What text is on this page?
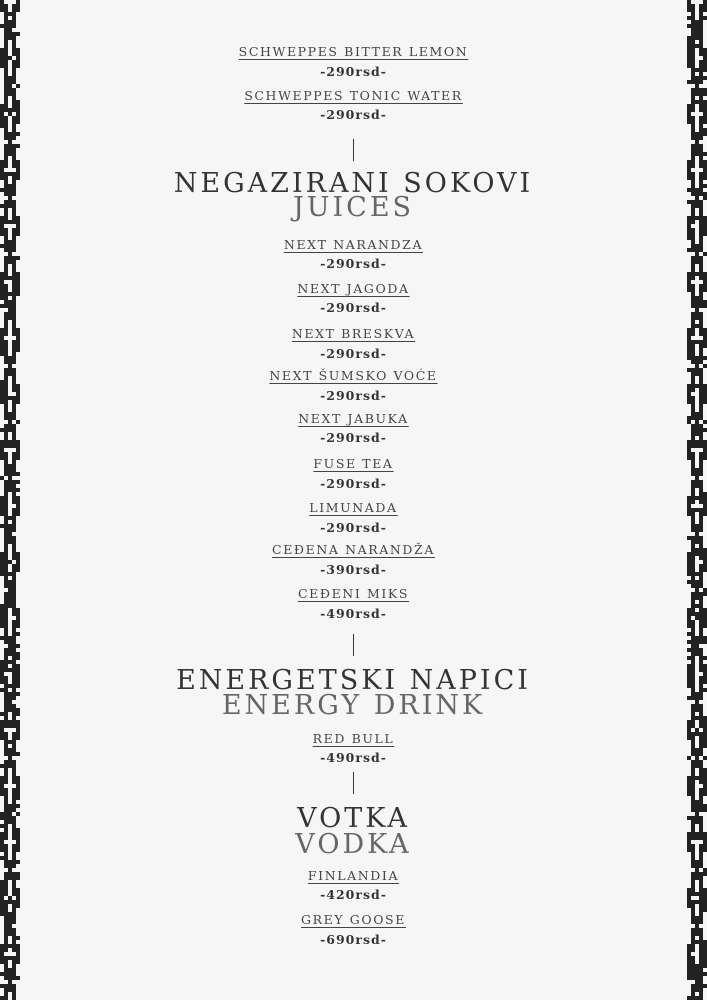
SCHWEPPES BITTER LEMON
-290rsd-
SCHWEPPES TONIC WATER
-290rsd-
NEGAZIRANI SOKOVI
JUICES
NEXT NARANDZA
-290rsd-
NEXT JAGODA
-290rsd-
NEXT BRESKVA
-290rsd-
NEXT ŠUMSKO VOĆE
-290rsd-
NEXT JABUKA
-290rsd-
FUSE TEA
-290rsd-
LIMUNADA
-290rsd-
CEĐENA NARANDŽA
-390rsd-
CEĐENI MIKS
-490rsd-
ENERGETSKI NAPICI
ENERGY DRINK
RED BULL
-490rsd-
VOTKA
VODKA
FINLANDIA
-420rsd-
GREY GOOSE
-690rsd-
